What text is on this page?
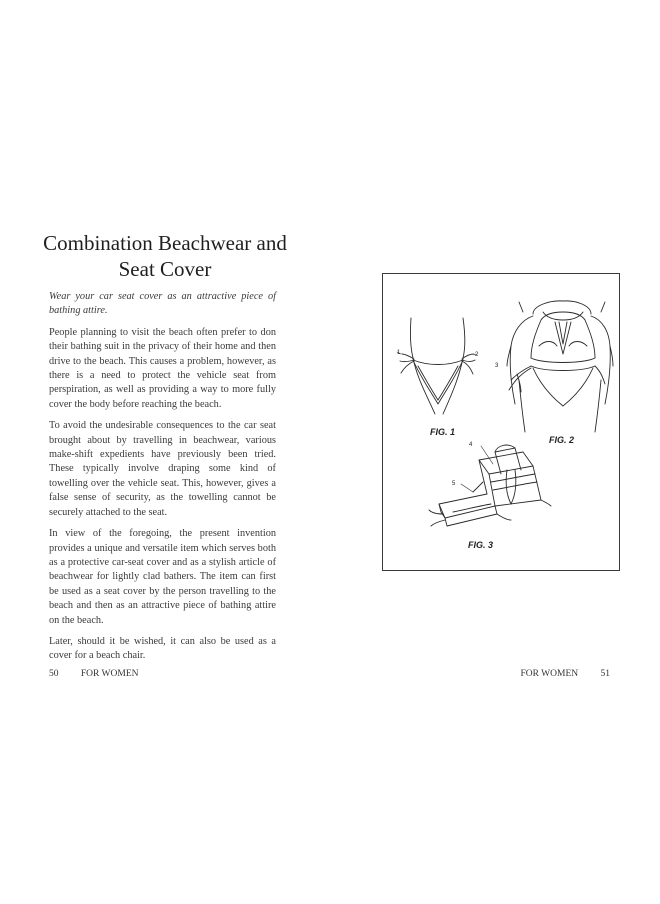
Combination Beachwear and Seat Cover

Wear your car seat cover as an attractive piece of bathing attire.

People planning to visit the beach often prefer to don their bathing suit in the privacy of their home and then drive to the beach. This causes a problem, however, as there is a need to protect the vehicle seat from perspiration, as well as providing a way to more fully cover the body before reaching the beach.

To avoid the undesirable consequences to the car seat brought about by travelling in beachwear, various make-shift expedients have previously been tried. These typically involve draping some kind of towelling over the vehicle seat. This, however, gives a false sense of security, as the towelling cannot be securely attached to the seat.

In view of the foregoing, the present invention provides a unique and versatile item which serves both as a protective car-seat cover and as a stylish article of beachwear for lightly clad bathers. The item can first be used as a seat cover by the person travelling to the beach and then as an attractive piece of bathing attire on the beach.

Later, should it be wished, it can also be used as a cover for a beach chair.

FIG. 1
FIG. 2
FIG. 3
1	2
3
4
5
50 FOR WOMEN	FOR WOMEN 51
